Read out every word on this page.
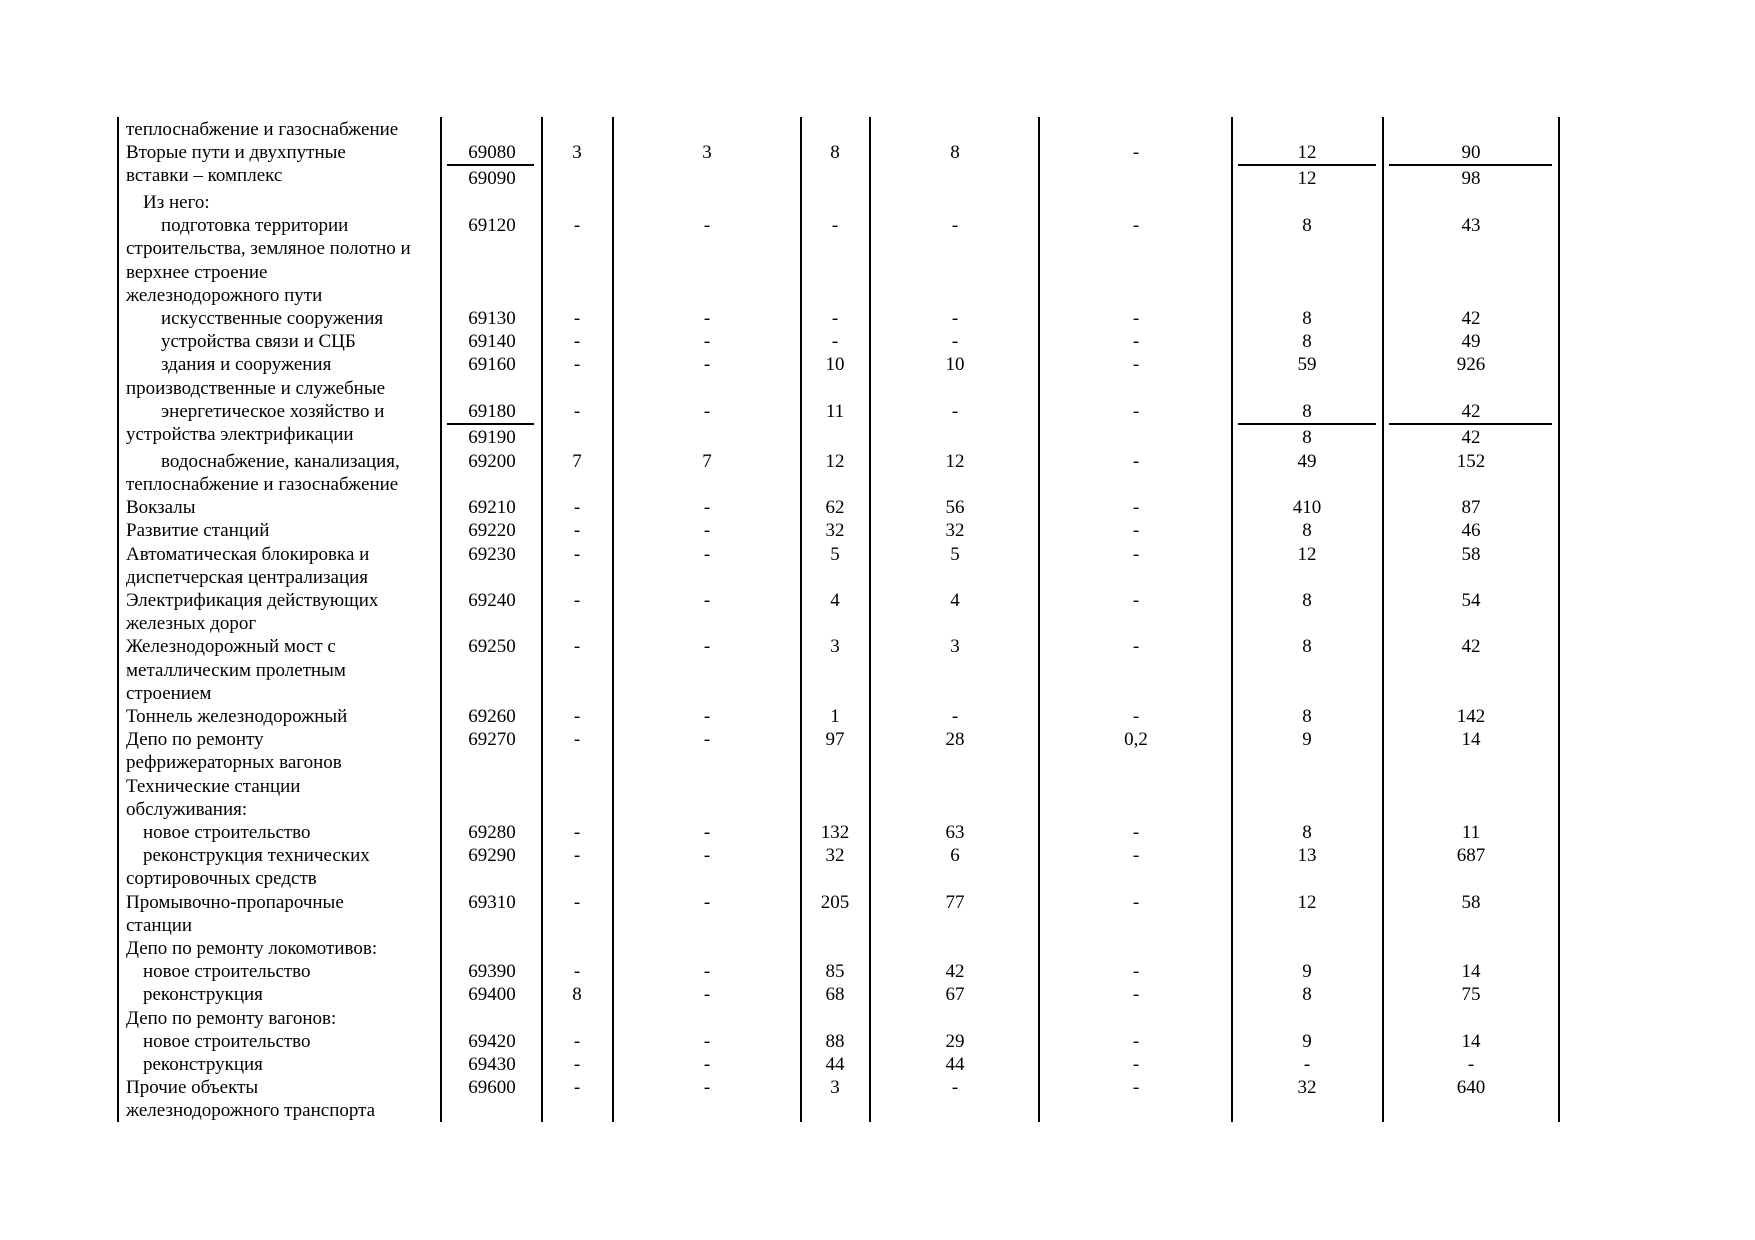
теплоснабжение и газоснабжение
Вторые пути и двухпутные
вставки – комплекс
69080	3	3	8	8	-	12	90
69090	12	98
Из него:
подготовка территории
строительства, земляное полотно и
верхнее строение
железнодорожного пути
69120	-	-	-	-	-	8	43
искусственные сооружения	69130	-	-	-	-	-	8	42
устройства связи и СЦБ	69140	-	-	-	-	-	8	49
здания и сооружения
производственные и служебные
69160	-	-	10	10	-	59	926
энергетическое хозяйство и
устройства электрификации
69180	-	-	11	-	-	8	42
69190	8	42
водоснабжение, канализация,
теплоснабжение и газоснабжение
69200	7	7	12	12	-	49	152
Вокзалы	69210	-	-	62	56	-	410	87
Развитие станций	69220	-	-	32	32	-	8	46
Автоматическая блокировка и
диспетчерская централизация
69230	-	-	5	5	-	12	58
Электрификация действующих
железных дорог
69240	-	-	4	4	-	8	54
Железнодорожный мост с
металлическим пролетным
строением
69250	-	-	3	3	-	8	42
Тоннель железнодорожный	69260	-	-	1	-	-	8	142
Депо по ремонту
рефрижераторных вагонов
69270	-	-	97	28	0,2	9	14
Технические станции
обслуживания:
новое строительство	69280	-	-	132	63	-	8	11
реконструкция технических
сортировочных средств
69290	-	-	32	6	-	13	687
Промывочно-пропарочные
станции
69310	-	-	205	77	-	12	58
Депо по ремонту локомотивов:
новое строительство	69390	-	-	85	42	-	9	14
реконструкция	69400	8	-	68	67	-	8	75
Депо по ремонту вагонов:
новое строительство	69420	-	-	88	29	-	9	14
реконструкция	69430	-	-	44	44	-	-	-
Прочие объекты
железнодорожного транспорта
69600	-	-	3	-	-	32	640
